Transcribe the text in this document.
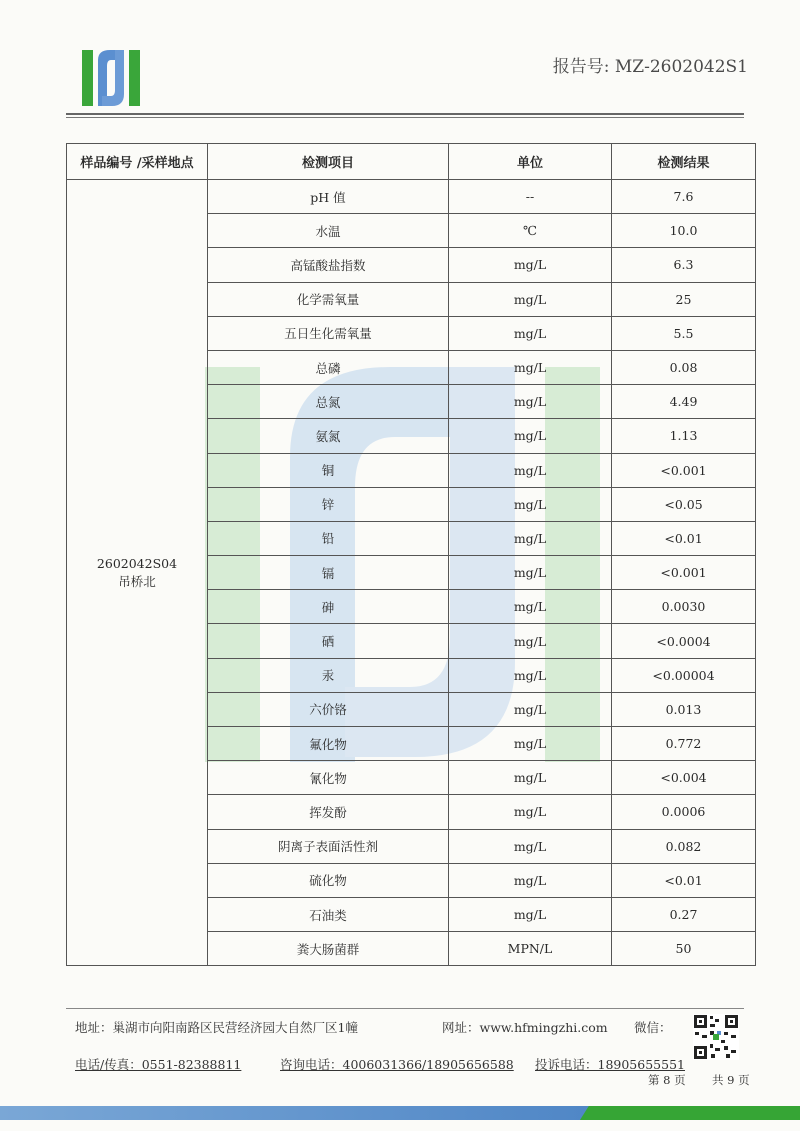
报告号: MZ-2602042S1
样品编号 /采样地点	检测项目	单位	检测结果

2602042S04
吊桥北	pH 值	--	7.6
	水温	℃	10.0
	高锰酸盐指数	mg/L	6.3
	化学需氧量	mg/L	25
	五日生化需氧量	mg/L	5.5
	总磷	mg/L	0.08
	总氮	mg/L	4.49
	氨氮	mg/L	1.13
	铜	mg/L	<0.001
	锌	mg/L	<0.05
	铅	mg/L	<0.01
	镉	mg/L	<0.001
	砷	mg/L	0.0030
	硒	mg/L	<0.0004
	汞	mg/L	<0.00004
	六价铬	mg/L	0.013
	氟化物	mg/L	0.772
	氰化物	mg/L	<0.004
	挥发酚	mg/L	0.0006
	阴离子表面活性剂	mg/L	0.082
	硫化物	mg/L	<0.01
	石油类	mg/L	0.27
	粪大肠菌群	MPN/L	50
地址：巢湖市向阳南路区民营经济园大自然厂区1幢	网址：www.hfmingzhi.com 微信：
电话/传真：0551-82388811	咨询电话：4006031366/18905656588 投诉电话：18905655551
第 8 页 共 9 页
